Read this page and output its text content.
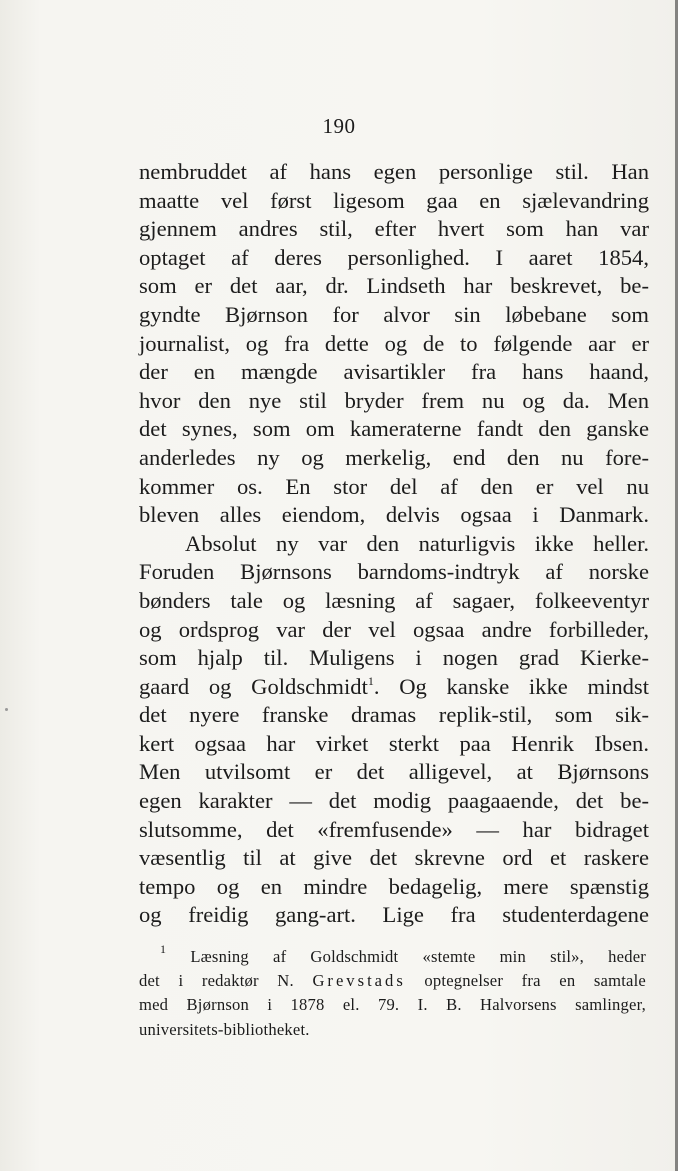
190
nembruddet af hans egen personlige stil. Han
maatte vel først ligesom gaa en sjælevandring
gjennem andres stil, efter hvert som han var
optaget af deres personlighed. I aaret 1854,
som er det aar, dr. Lindseth har beskrevet, be-
gyndte Bjørnson for alvor sin løbebane som
journalist, og fra dette og de to følgende aar er
der en mængde avisartikler fra hans haand,
hvor den nye stil bryder frem nu og da. Men
det synes, som om kameraterne fandt den ganske
anderledes ny og merkelig, end den nu fore-
kommer os. En stor del af den er vel nu
bleven alles eiendom, delvis ogsaa i Danmark.
Absolut ny var den naturligvis ikke heller.
Foruden Bjørnsons barndoms-indtryk af norske
bønders tale og læsning af sagaer, folkeeventyr
og ordsprog var der vel ogsaa andre forbilleder,
som hjalp til. Muligens i nogen grad Kierke-
gaard og Goldschmidt$^1$. Og kanske ikke mindst
det nyere franske dramas replik-stil, som sik-
kert ogsaa har virket sterkt paa Henrik Ibsen.
Men utvilsomt er det alligevel, at Bjørnsons
egen karakter — det modig paagaaende, det be-
slutsomme, det «fremfusende» — har bidraget
væsentlig til at give det skrevne ord et raskere
tempo og en mindre bedagelig, mere spænstig
og freidig gang-art. Lige fra studenterdagene
$^1$ Læsning af Goldschmidt «stemte min stil», heder
det i redaktør N. Grevstads optegnelser fra en samtale
med Bjørnson i 1878 el. 79. I. B. Halvorsens samlinger,
universitets-bibliotheket.
